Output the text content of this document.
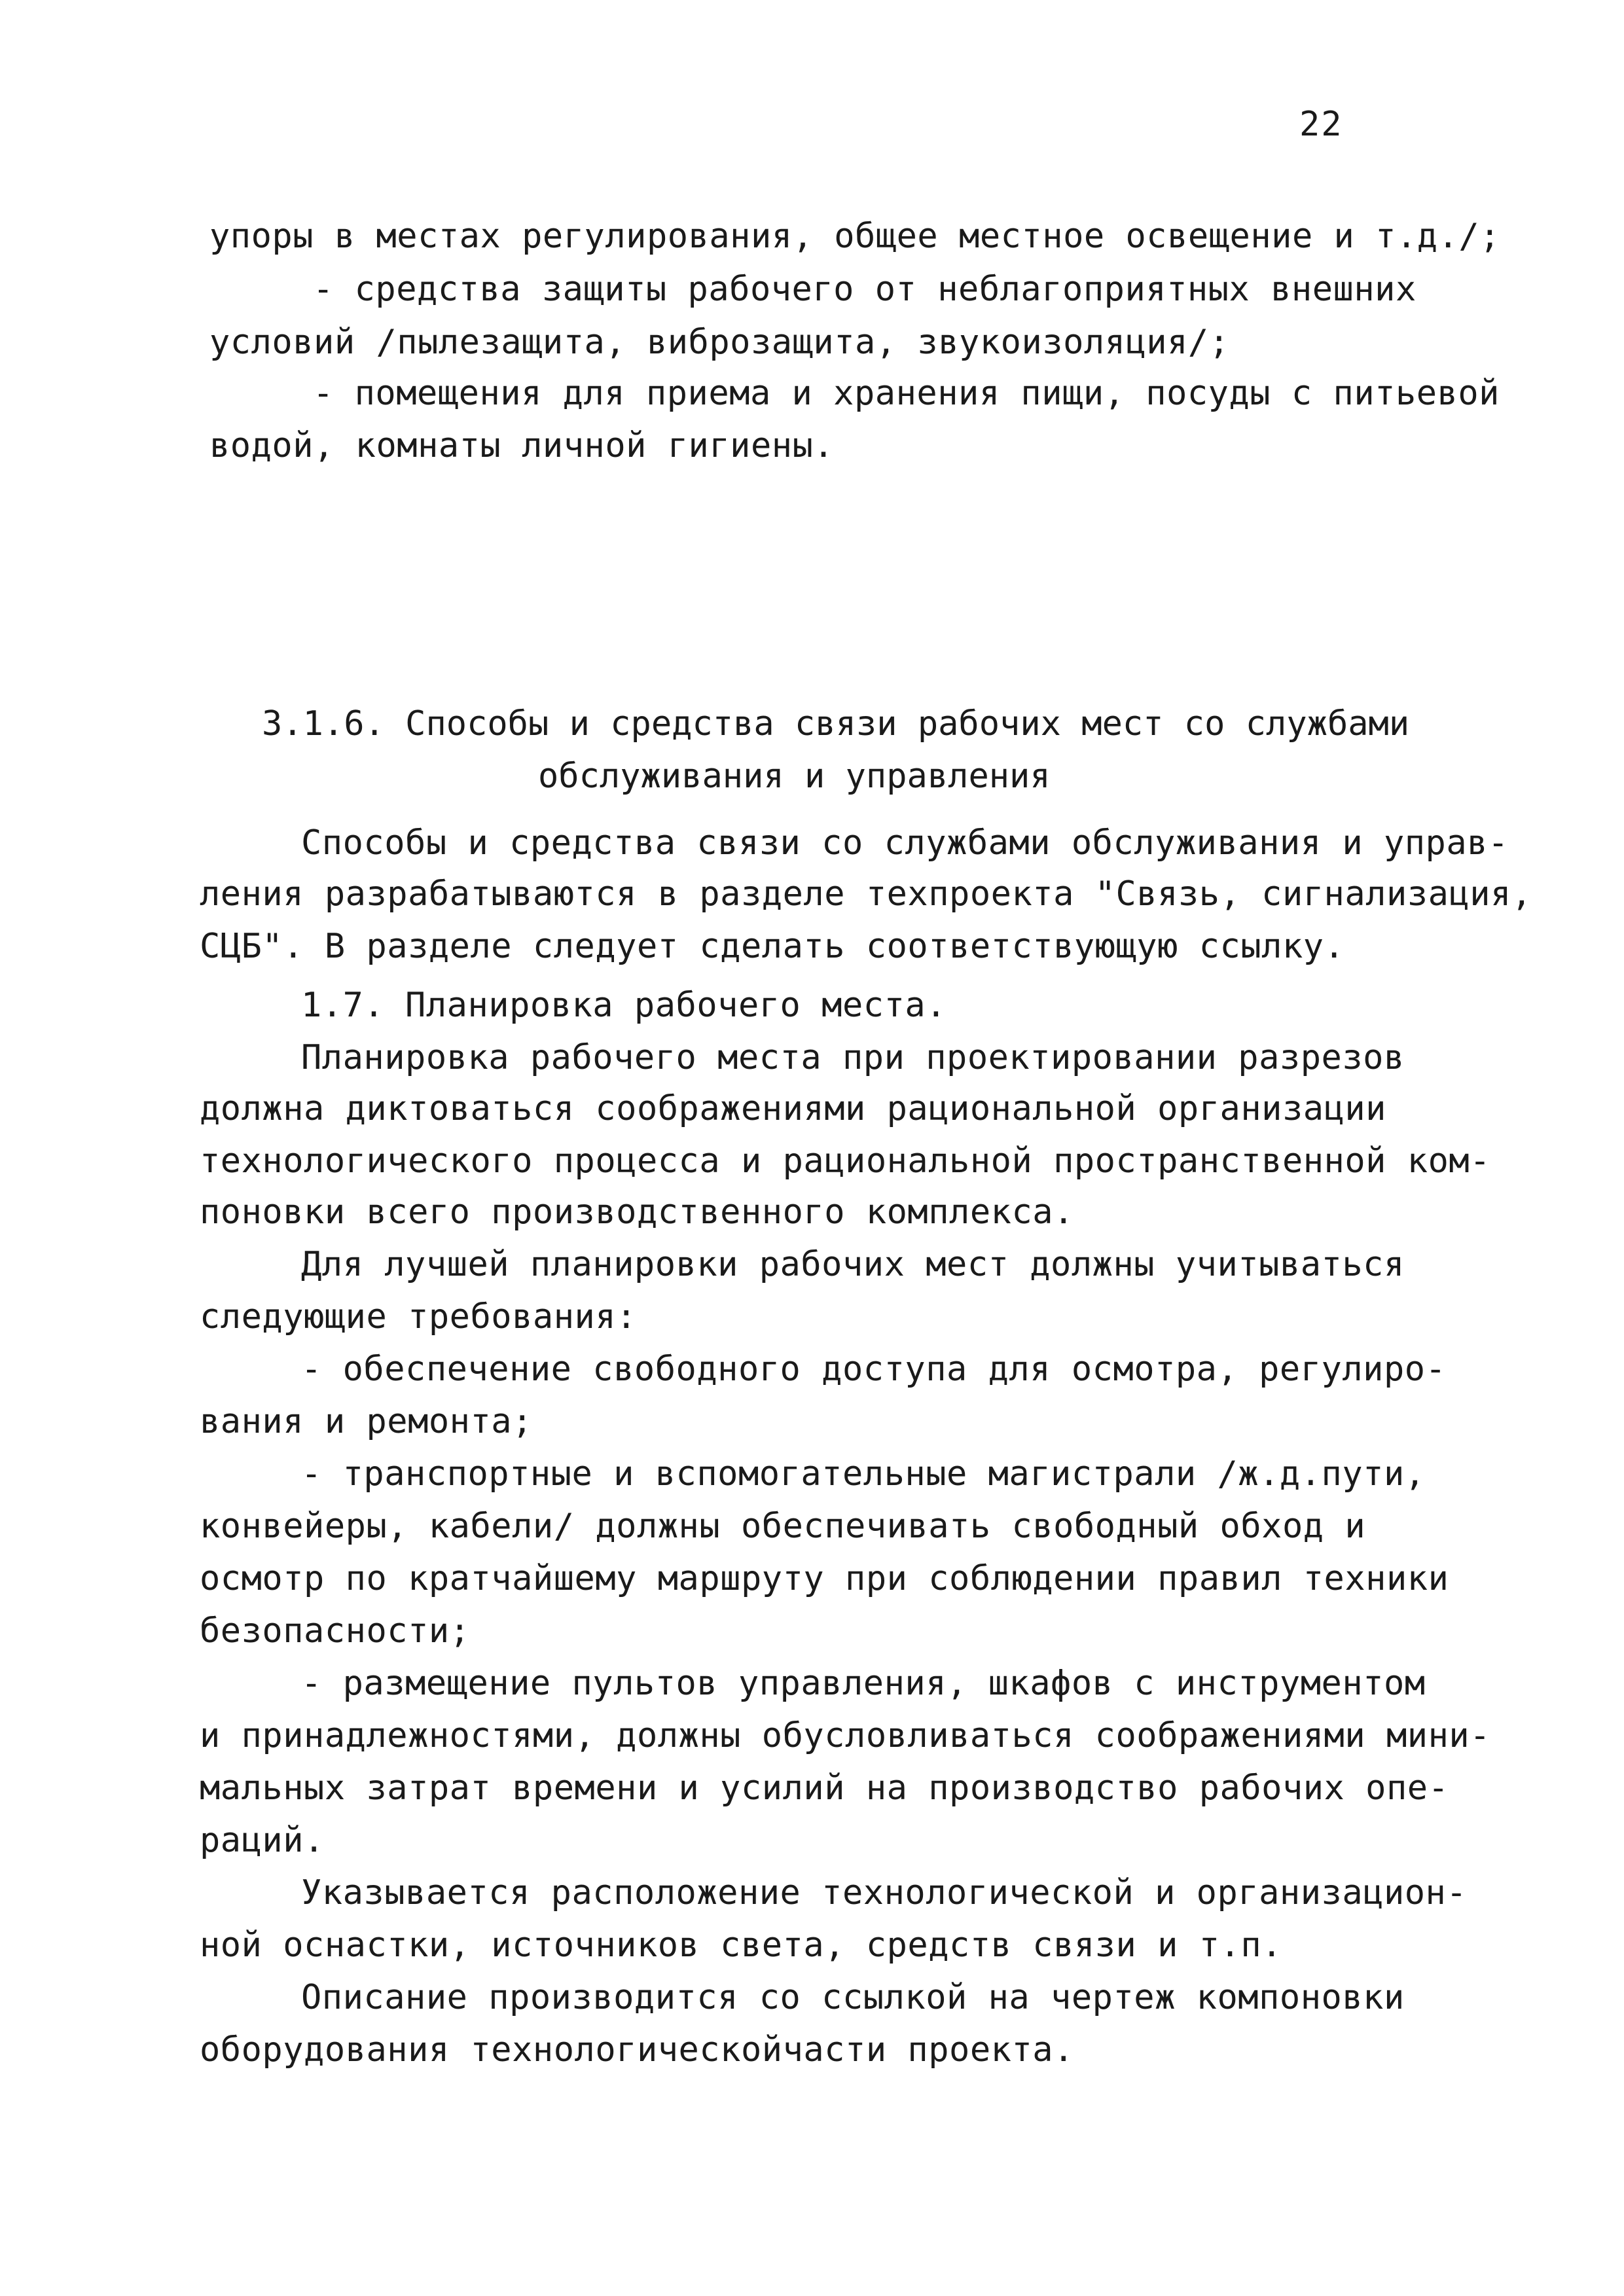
22
упоры в местах регулирования, общее местное освещение и т.д./;
- средства защиты рабочего от неблагоприятных внешних
условий /пылезащита, виброзащита, звукоизоляция/;
- помещения для приема и хранения пищи, посуды с питьевой
водой, комнаты личной гигиены.
3.1.6. Способы и средства связи рабочих мест со службами
обслуживания и управления
Способы и средства связи со службами обслуживания и управ-
ления разрабатываются в разделе техпроекта "Связь, сигнализация,
СЦБ". В разделе следует сделать соответствующую ссылку.
1.7. Планировка рабочего места.
Планировка рабочего места при проектировании разрезов
должна диктоваться соображениями рациональной организации
технологического процесса и рациональной пространственной ком-
поновки всего производственного комплекса.
Для лучшей планировки рабочих мест должны учитываться
следующие требования:
- обеспечение свободного доступа для осмотра, регулиро-
вания и ремонта;
- транспортные и вспомогательные магистрали /ж.д.пути,
конвейеры, кабели/ должны обеспечивать свободный обход и
осмотр по кратчайшему маршруту при соблюдении правил техники
безопасности;
- размещение пультов управления, шкафов с инструментом
и принадлежностями, должны обусловливаться соображениями мини-
мальных затрат времени и усилий на производство рабочих опе-
раций.
Указывается расположение технологической и организацион-
ной оснастки, источников света, средств связи и т.п.
Описание производится со ссылкой на чертеж компоновки
оборудования технологическойчасти проекта.
